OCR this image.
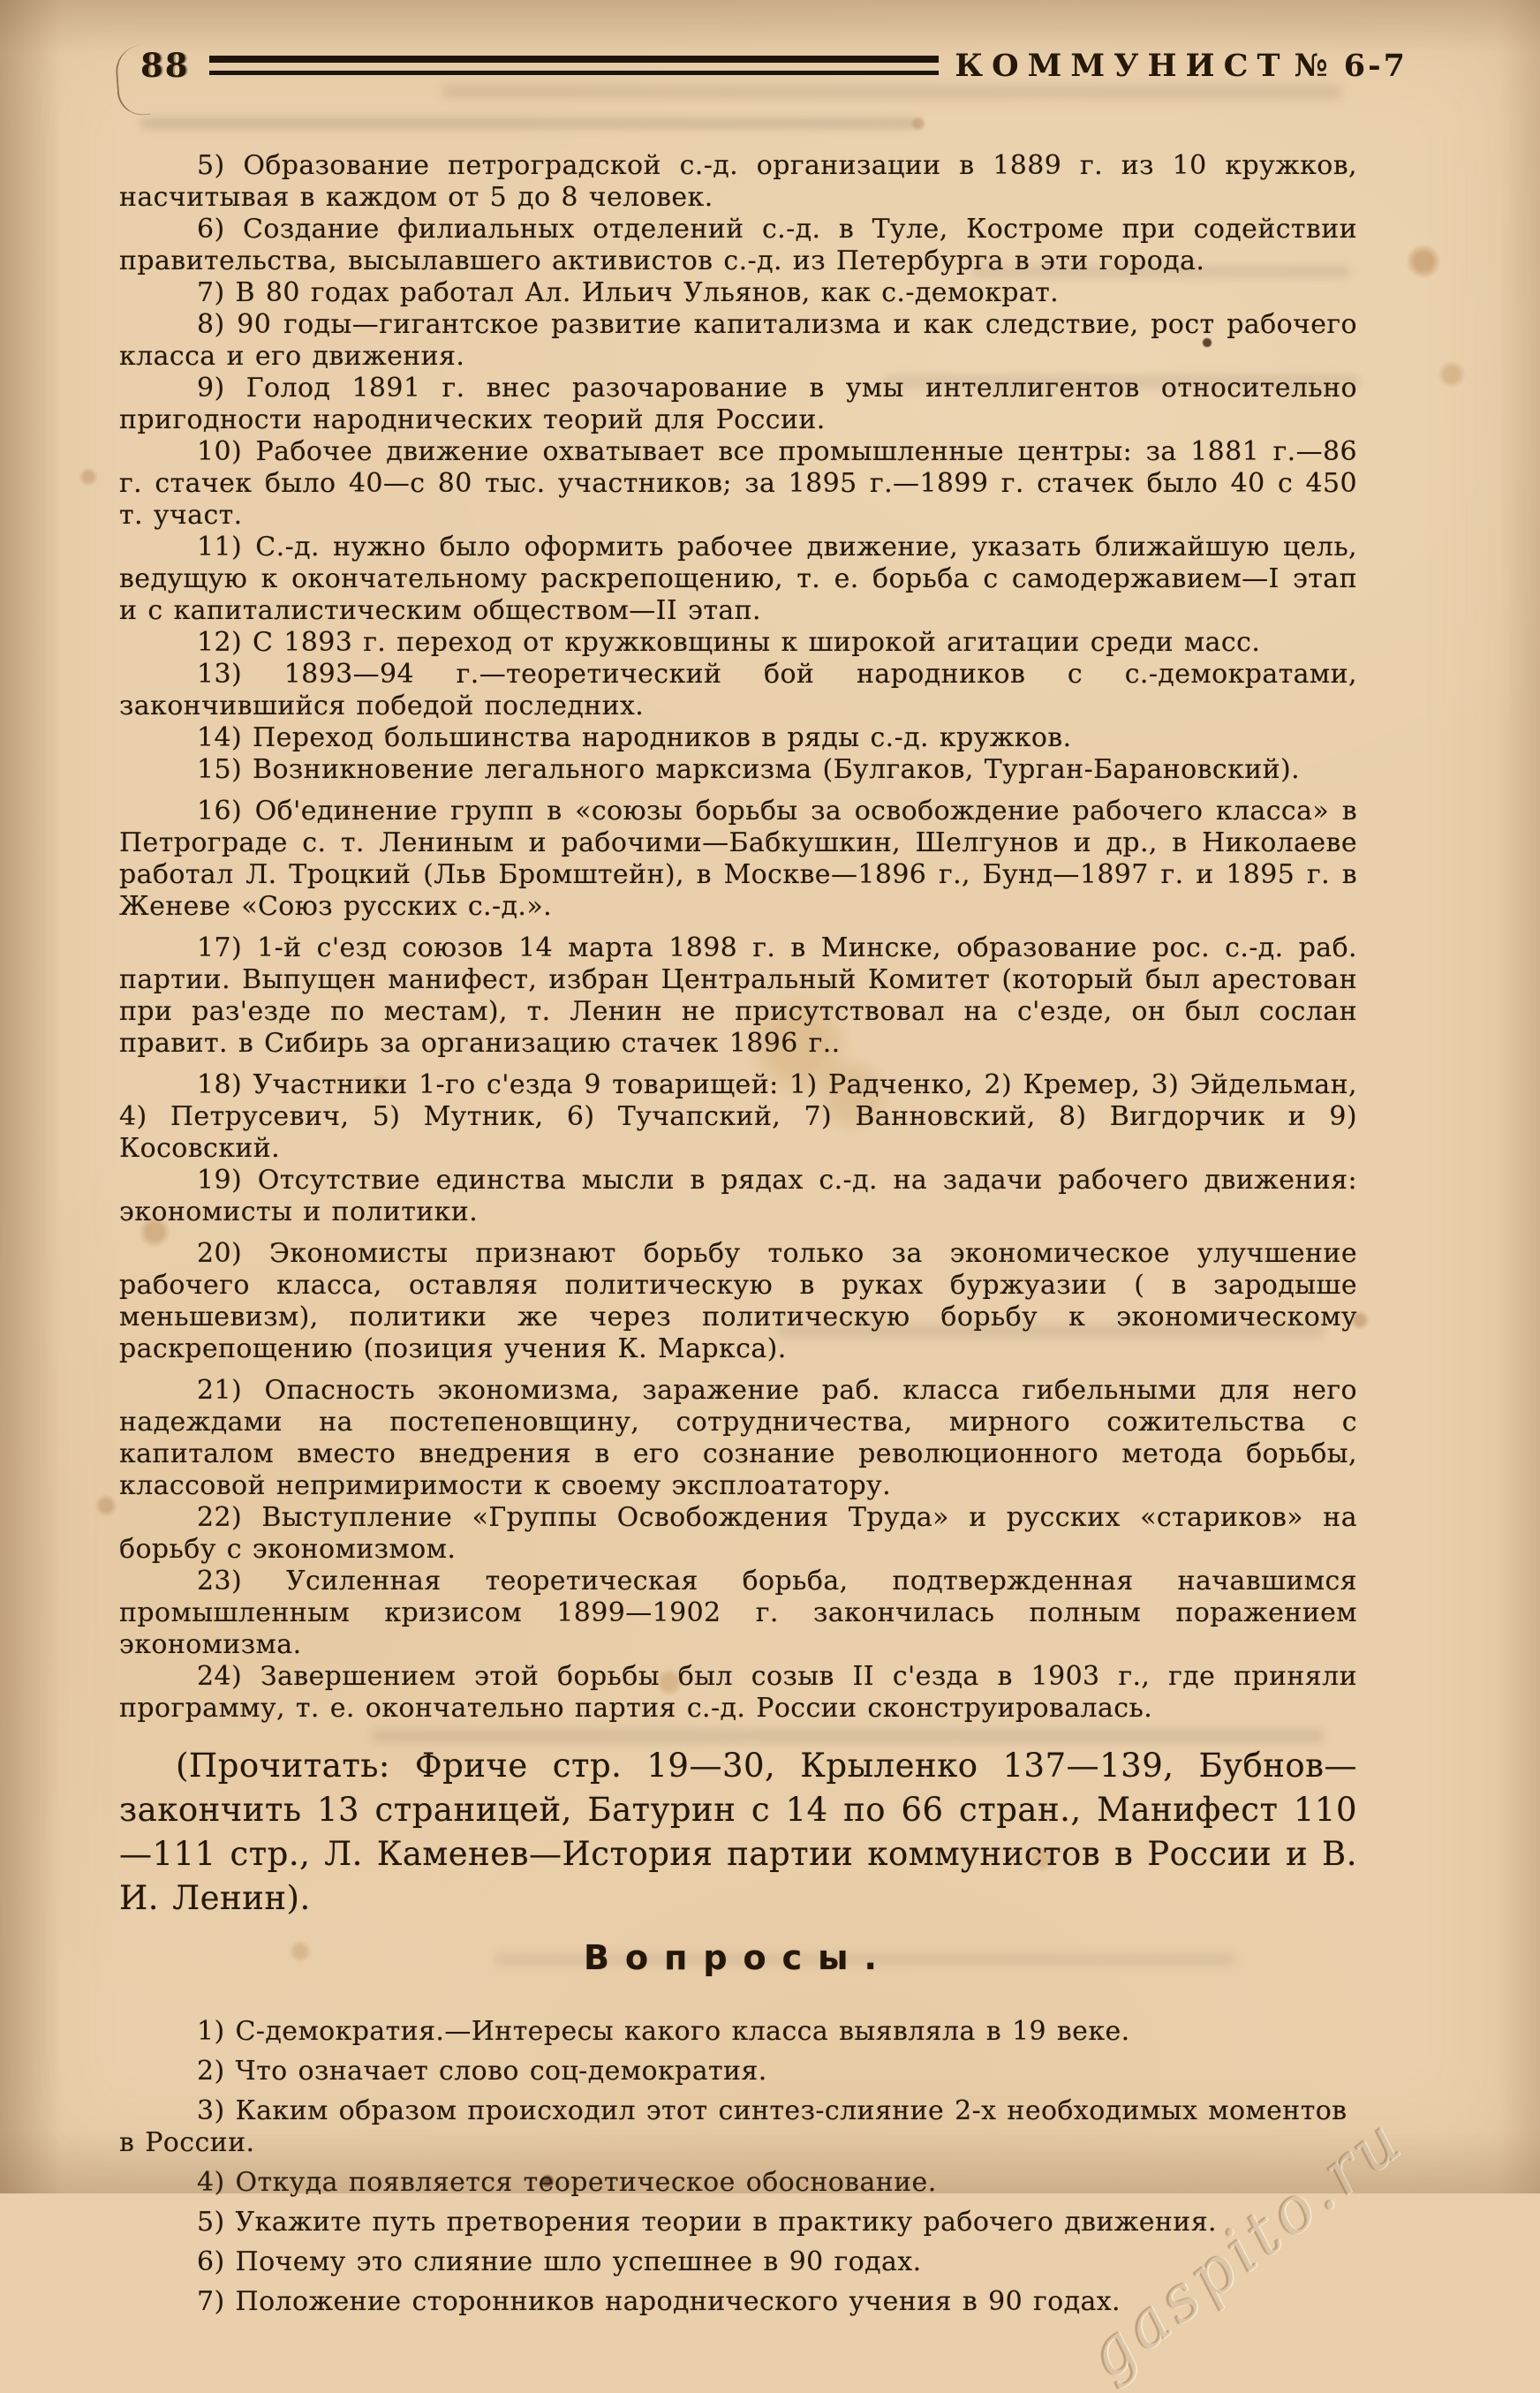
88	КОММУНИСТ № 6-7

5) Образование петроградской с.-д. организации в 1889 г. из 10 кружков, насчитывая в каждом от 5 до 8 человек.

6) Создание филиальных отделений с.-д. в Туле, Костроме при содействии правительства, высылавшего активистов с.-д. из Петербурга в эти города.

7) В 80 годах работал Ал. Ильич Ульянов, как с.-демократ.

8) 90 годы—гигантское развитие капитализма и как следствие, рост рабочего класса и его движения.

9) Голод 1891 г. внес разочарование в умы интеллигентов относительно пригодности народнических теорий для России.

10) Рабочее движение охватывает все промышленные центры: за 1881 г.—86 г. стачек было 40—с 80 тыс. участников; за 1895 г.—1899 г. стачек было 40 с 450 т. участ.

11) С.-д. нужно было оформить рабочее движение, указать ближайшую цель, ведущую к окончательному раскрепощению, т. е. борьба с самодержавием—I этап и с капиталистическим обществом—II этап.

12) С 1893 г. переход от кружковщины к широкой агитации среди масс.

13) 1893—94 г.—теоретический бой народников с с.-демократами, закончившийся победой последних.

14) Переход большинства народников в ряды с.-д. кружков.

15) Возникновение легального марксизма (Булгаков, Турган-Барановский).

16) Об'единение групп в «союзы борьбы за освобождение рабочего класса» в Петрограде с. т. Лениным и рабочими—Бабкушкин, Шелгунов и др., в Николаеве работал Л. Троцкий (Льв Бромштейн), в Москве—1896 г., Бунд—1897 г. и 1895 г. в Женеве «Союз русских с.-д.».

17) 1-й с'езд союзов 14 марта 1898 г. в Минске, образование рос. с.-д. раб. партии. Выпущен манифест, избран Центральный Комитет (который был арестован при раз'езде по местам), т. Ленин не присутствовал на с'езде, он был сослан правит. в Сибирь за организацию стачек 1896 г..

18) Участники 1-го с'езда 9 товарищей: 1) Радченко, 2) Кремер, 3) Эйдельман, 4) Петрусевич, 5) Мутник, 6) Тучапский, 7) Ванновский, 8) Вигдорчик и 9) Косовский.

19) Отсутствие единства мысли в рядах с.-д. на задачи рабочего движения: экономисты и политики.

20) Экономисты признают борьбу только за экономическое улучшение рабочего класса, оставляя политическую в руках буржуазии ( в зародыше меньшевизм), политики же через политическую борьбу к экономическому раскрепощению (позиция учения К. Маркса).

21) Опасность экономизма, заражение раб. класса гибельными для него надеждами на постепеновщину, сотрудничества, мирного сожительства с капиталом вместо внедрения в его сознание революционного метода борьбы, классовой непримиримости к своему эксплоататору.

22) Выступление «Группы Освобождения Труда» и русских «стариков» на борьбу с экономизмом.

23) Усиленная теоретическая борьба, подтвержденная начавшимся промышленным кризисом 1899—1902 г. закончилась полным поражением экономизма.

24) Завершением этой борьбы был созыв II с'езда в 1903 г., где приняли программу, т. е. окончательно партия с.-д. России сконструировалась.

(Прочитать: Фриче стр. 19—30, Крыленко 137—139, Бубнов—закончить 13 страницей, Батурин с 14 по 66 стран., Манифест 110—111 стр., Л. Каменев—История партии коммунистов в России и В. И. Ленин).

Вопросы.

1) С-демократия.—Интересы какого класса выявляла в 19 веке.

2) Что означает слово соц-демократия.

3) Каким образом происходил этот синтез-слияние 2-х необходимых моментов в России.

4) Откуда появляется теоретическое обоснование.

5) Укажите путь претворения теории в практику рабочего движения.

6) Почему это слияние шло успешнее в 90 годах.

7) Положение сторонников народнического учения в 90 годах.

gaspito.ru
